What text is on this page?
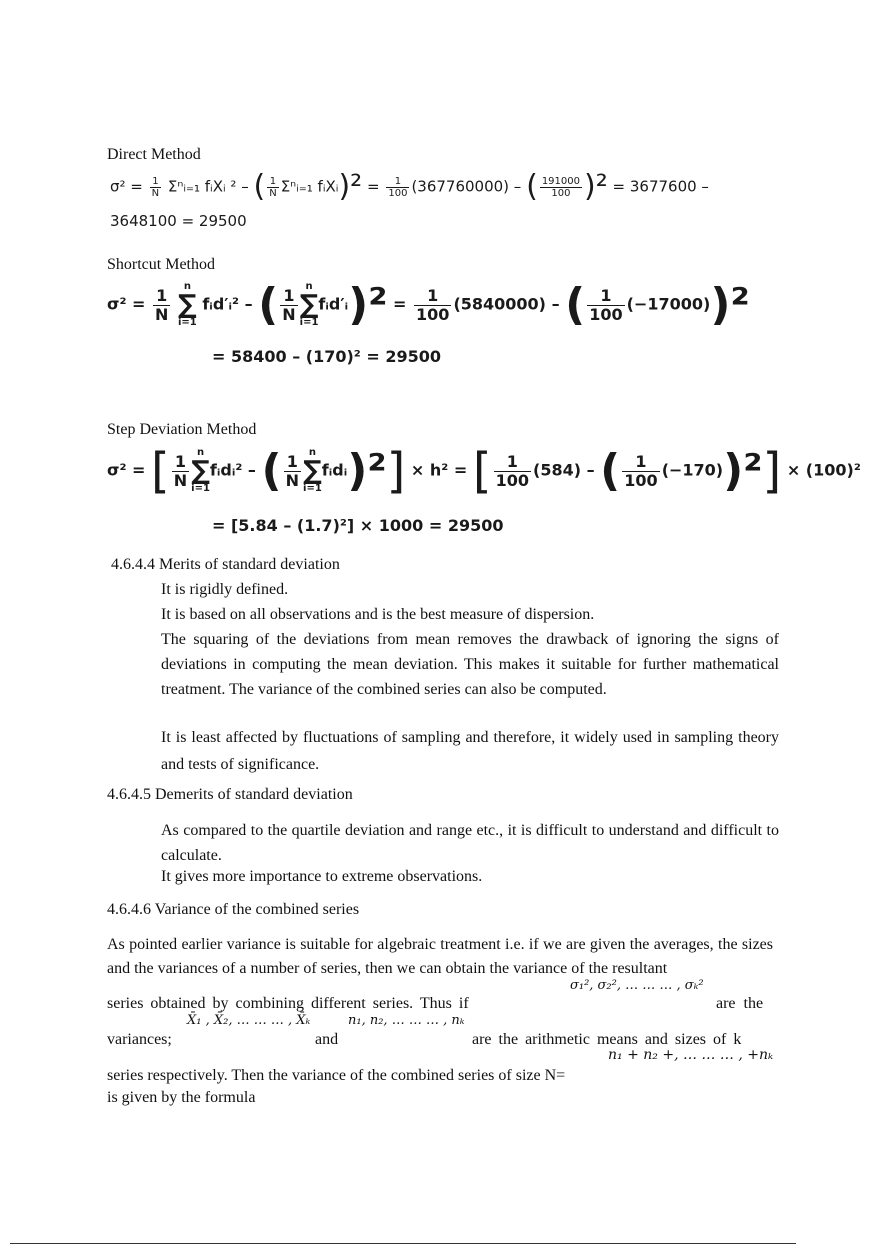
Direct Method
$\sigma^2 = \frac{1}{N}$ Σⁿᵢ₌₁ fᵢXᵢ ² – ( $\frac{1}{N}$ Σⁿᵢ₌₁ fᵢXᵢ)² = $\frac{1}{100} (367760000)$ – ( $\frac{191000}{100} )^2 = 3677600$ –
3648100 = 29500
Shortcut Method
$\sigma^2 = \frac{1}{N}$

n
∑
i=1
fᵢd′ᵢ² – ( $\frac{1}{N}$
n
∑
i=1
fᵢd′ᵢ)² = $\frac{1}{100} (5840000)$ – ( $\frac{1}{100} (-17000))^2$
= 58400 – (170)² = 29500
Step Deviation Method
σ² = [ $\frac{1}{N}$
n
∑
i=1
fᵢdᵢ² – ( $\frac{1}{N}$
n
∑
i=1
fᵢdᵢ)²] × h² = [ $\frac{1}{100} (584)$ – ( $\frac{1}{100} (-170))^2] \times (100)^2$
= [5.84 – (1.7)²] × 1000 = 29500
4.6.4.4 Merits of standard deviation
It is rigidly defined.
It is based on all observations and is the best measure of dispersion.
The squaring of the deviations from mean removes the drawback of ignoring the signs of deviations in computing the mean deviation. This makes it suitable for further mathematical treatment. The variance of the combined series can also be computed.
It is least affected by fluctuations of sampling and therefore, it widely used in sampling theory and tests of significance.
4.6.4.5 Demerits of standard deviation
As compared to the quartile deviation and range etc., it is difficult to understand and difficult to calculate.
It gives more importance to extreme observations.
4.6.4.6 Variance of the combined series
As pointed earlier variance is suitable for algebraic treatment i.e. if we are given the averages, the sizes and the variances of a number of series, then we can obtain the variance of the resultant
series obtained by combining different series. Thus if
σ₁², σ₂², … … … , σₖ²
are the
variances;
X̄₁ , X̄₂, … … … , X̄ₖ
and
n₁, n₂, … … … , nₖ
are the arithmetic means and sizes of k
series respectively. Then the variance of the combined series of size N=
n₁ + n₂ +, … … … , +nₖ
is given by the formula
